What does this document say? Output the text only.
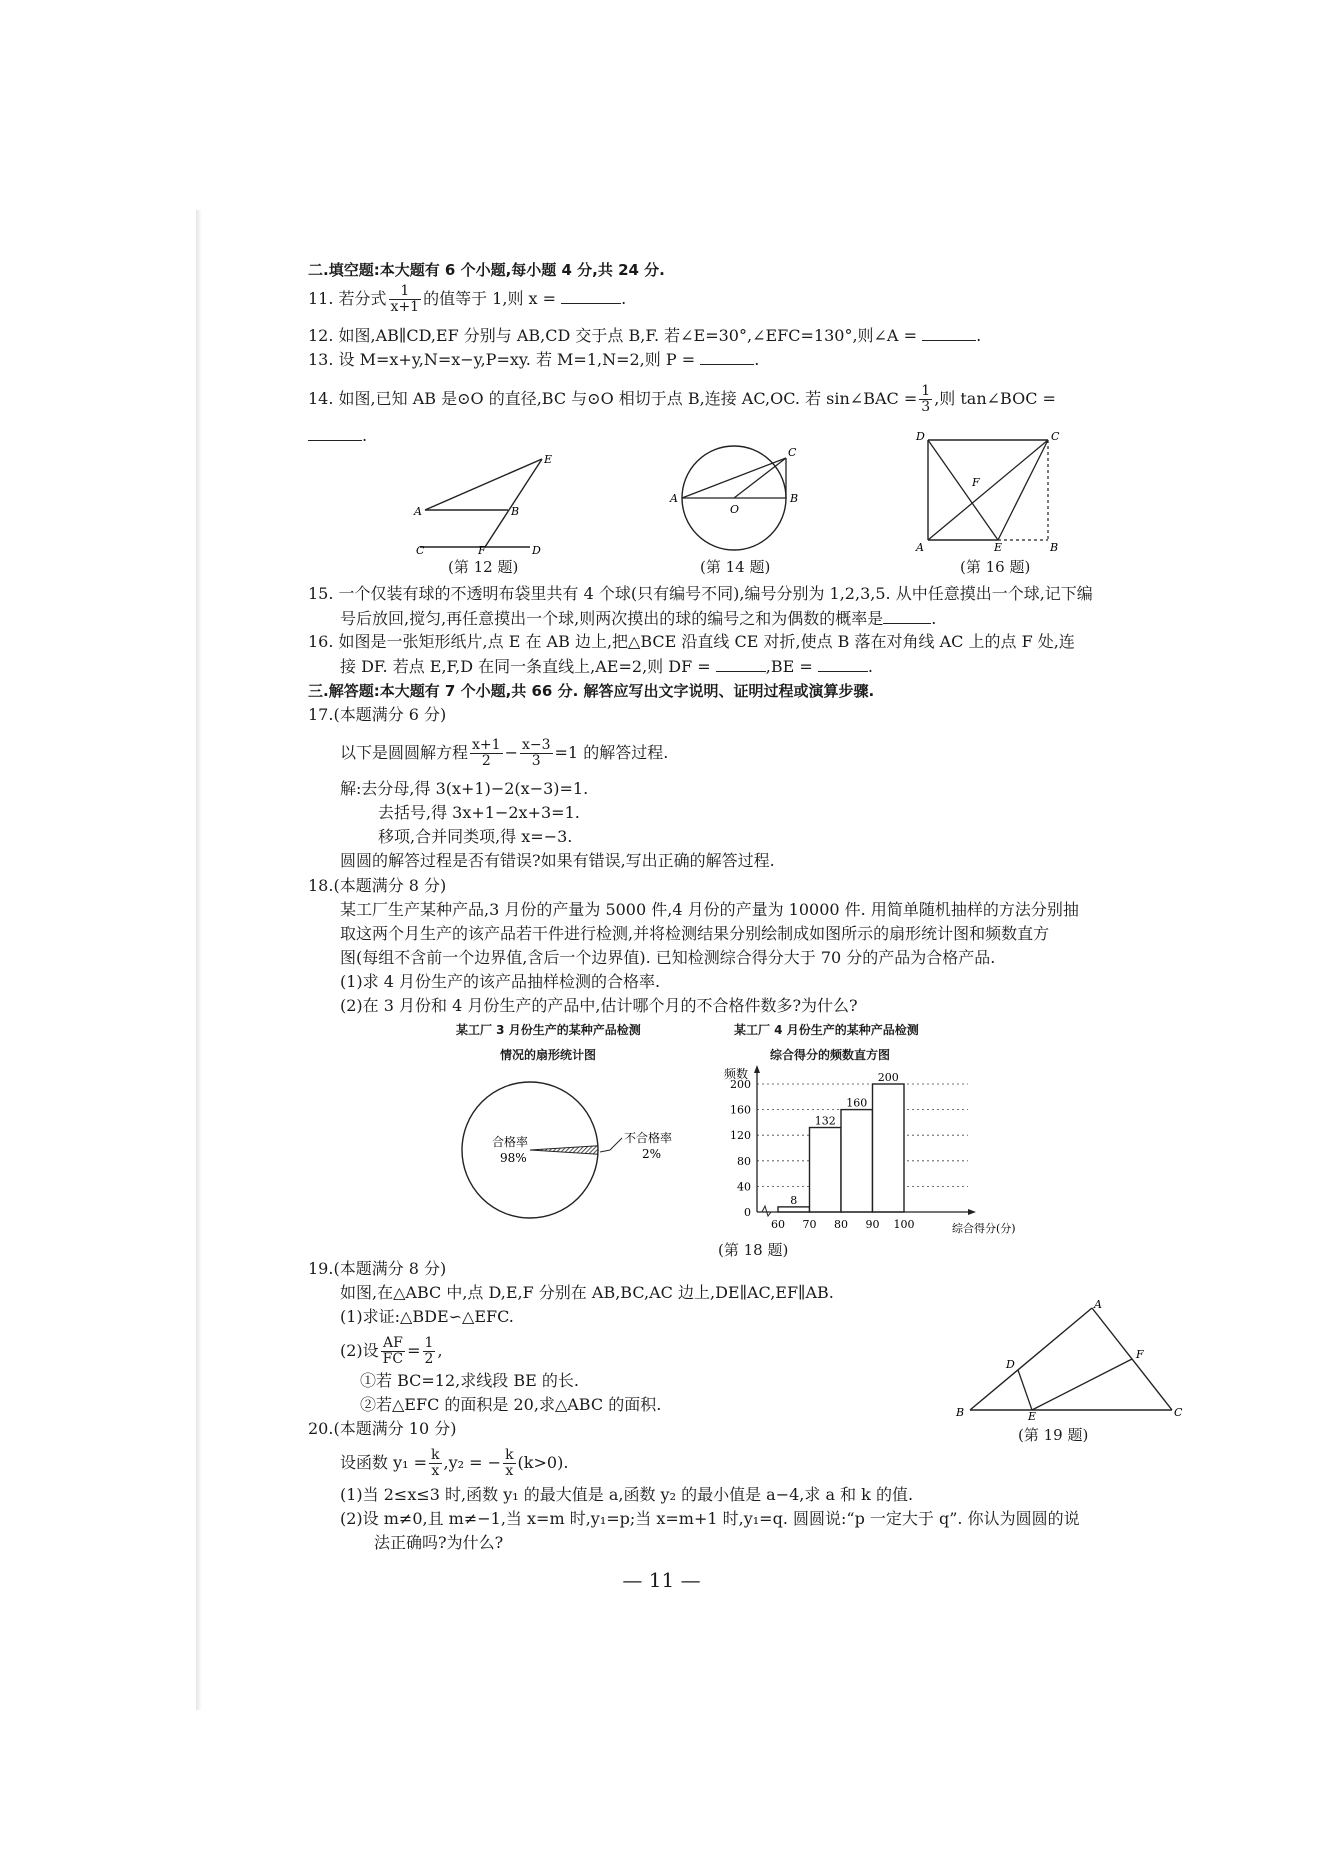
二.填空题:本大题有 6 个小题,每小题 4 分,共 24 分.
11. 若分式 $\frac{1}{x+1}$ 的值等于 1,则 x =	.
12. 如图,AB∥CD,EF 分别与 AB,CD 交于点 B,F. 若∠E=30°,∠EFC=130°,则∠A =	.
13. 设 M=x+y,N=x−y,P=xy. 若 M=1,N=2,则 P =	.
14. 如图,已知 AB 是⊙O 的直径,BC 与⊙O 相切于点 B,连接 AC,OC. 若 sin∠BAC = $\frac{1}{3}$ ,则 tan∠BOC =
.
E
A	B
C	F	D
(第 12 题)
A
O
B
C
(第 14 题)
D	C
F
A	E	B
(第 16 题)
15. 一个仅装有球的不透明布袋里共有 4 个球(只有编号不同),编号分别为 1,2,3,5. 从中任意摸出一个球,记下编
号后放回,搅匀,再任意摸出一个球,则两次摸出的球的编号之和为偶数的概率是	.
16. 如图是一张矩形纸片,点 E 在 AB 边上,把△BCE 沿直线 CE 对折,使点 B 落在对角线 AC 上的点 F 处,连
接 DF. 若点 E,F,D 在同一条直线上,AE=2,则 DF =	,BE =	.
三.解答题:本大题有 7 个小题,共 66 分. 解答应写出文字说明、证明过程或演算步骤.
17.(本题满分 6 分)
以下是圆圆解方程 $\frac{x+1}{2} - \frac{x-3}{3} =1$ 的解答过程.
解:去分母,得 3(x+1)−2(x−3)=1.
去括号,得 3x+1−2x+3=1.
移项,合并同类项,得 x=−3.
圆圆的解答过程是否有错误?如果有错误,写出正确的解答过程.
18.(本题满分 8 分)
某工厂生产某种产品,3 月份的产量为 5000 件,4 月份的产量为 10000 件. 用简单随机抽样的方法分别抽
取这两个月生产的该产品若干件进行检测,并将检测结果分别绘制成如图所示的扇形统计图和频数直方
图(每组不含前一个边界值,含后一个边界值). 已知检测综合得分大于 70 分的产品为合格产品.
(1)求 4 月份生产的该产品抽样检测的合格率.
(2)在 3 月份和 4 月份生产的产品中,估计哪个月的不合格件数多?为什么?
某工厂 3 月份生产的某种产品检测
情况的扇形统计图
合格率
98%
不合格率
2%
某工厂 4 月份生产的某种产品检测
综合得分的频数直方图
8
132
160
200
0
40
80
120
160
200
60 70 80 90 100
频数
综合得分(分)
(第 18 题)
19.(本题满分 8 分)
如图,在△ABC 中,点 D,E,F 分别在 AB,BC,AC 边上,DE∥AC,EF∥AB.
(1)求证:△BDE∽△EFC.
(2)设 $\frac{AF}{FC} = \frac{1}{2}$ ,
①若 BC=12,求线段 BE 的长.
②若△EFC 的面积是 20,求△ABC 的面积.
A
F
D
B	E	C
(第 19 题)
20.(本题满分 10 分)
设函数 $y_1 = \frac{k}{x} ,y_2$ = − $\frac{k}{x} (k>0)$.
(1)当 2≤x≤3 时,函数 y₁ 的最大值是 a,函数 y₂ 的最小值是 a−4,求 a 和 k 的值.
(2)设 m≠0,且 m≠−1,当 x=m 时,y₁=p;当 x=m+1 时,y₁=q. 圆圆说:“p 一定大于 q”. 你认为圆圆的说
法正确吗?为什么?
— 11 —
